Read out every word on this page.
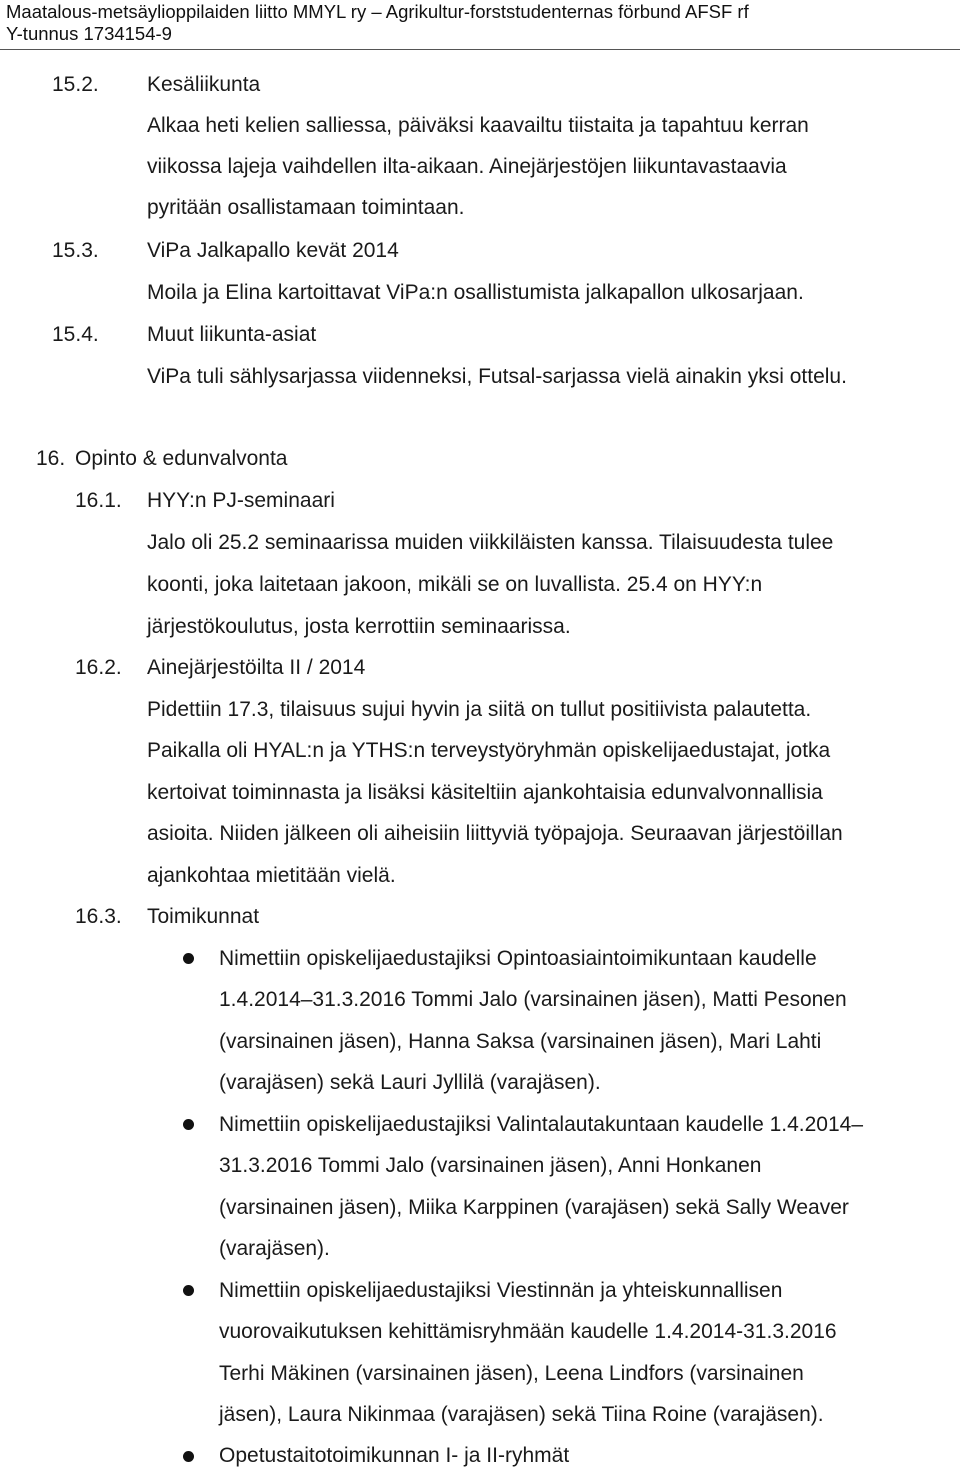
Maatalous-metsäylioppilaiden liitto MMYL ry – Agrikultur-forststudenternas förbund AFSF rf
Y-tunnus 1734154-9
15.2. Kesäliikunta
Alkaa heti kelien salliessa, päiväksi kaavailtu tiistaita ja tapahtuu kerran
viikossa lajeja vaihdellen ilta-aikaan. Ainejärjestöjen liikuntavastaavia
pyritään osallistamaan toimintaan.
15.3. ViPa Jalkapallo kevät 2014
Moila ja Elina kartoittavat ViPa:n osallistumista jalkapallon ulkosarjaan.
15.4. Muut liikunta-asiat
ViPa tuli sählysarjassa viidenneksi, Futsal-sarjassa vielä ainakin yksi ottelu.
16. Opinto & edunvalvonta
16.1. HYY:n PJ-seminaari
Jalo oli 25.2 seminaarissa muiden viikkiläisten kanssa. Tilaisuudesta tulee
koonti, joka laitetaan jakoon, mikäli se on luvallista. 25.4 on HYY:n
järjestökoulutus, josta kerrottiin seminaarissa.
16.2. Ainejärjestöilta II / 2014
Pidettiin 17.3, tilaisuus sujui hyvin ja siitä on tullut positiivista palautetta.
Paikalla oli HYAL:n ja YTHS:n terveystyöryhmän opiskelijaedustajat, jotka
kertoivat toiminnasta ja lisäksi käsiteltiin ajankohtaisia edunvalvonnallisia
asioita. Niiden jälkeen oli aiheisiin liittyviä työpajoja. Seuraavan järjestöillan
ajankohtaa mietitään vielä.
16.3. Toimikunnat
Nimettiin opiskelijaedustajiksi Opintoasiaintoimikuntaan kaudelle
1.4.2014–31.3.2016 Tommi Jalo (varsinainen jäsen), Matti Pesonen
(varsinainen jäsen), Hanna Saksa (varsinainen jäsen), Mari Lahti
(varajäsen) sekä Lauri Jyllilä (varajäsen).
Nimettiin opiskelijaedustajiksi Valintalautakuntaan kaudelle 1.4.2014–
31.3.2016 Tommi Jalo (varsinainen jäsen), Anni Honkanen
(varsinainen jäsen), Miika Karppinen (varajäsen) sekä Sally Weaver
(varajäsen).
Nimettiin opiskelijaedustajiksi Viestinnän ja yhteiskunnallisen
vuorovaikutuksen kehittämisryhmään kaudelle 1.4.2014-31.3.2016
Terhi Mäkinen (varsinainen jäsen), Leena Lindfors (varsinainen
jäsen), Laura Nikinmaa (varajäsen) sekä Tiina Roine (varajäsen).
Opetustaitotoimikunnan I- ja II-ryhmät
